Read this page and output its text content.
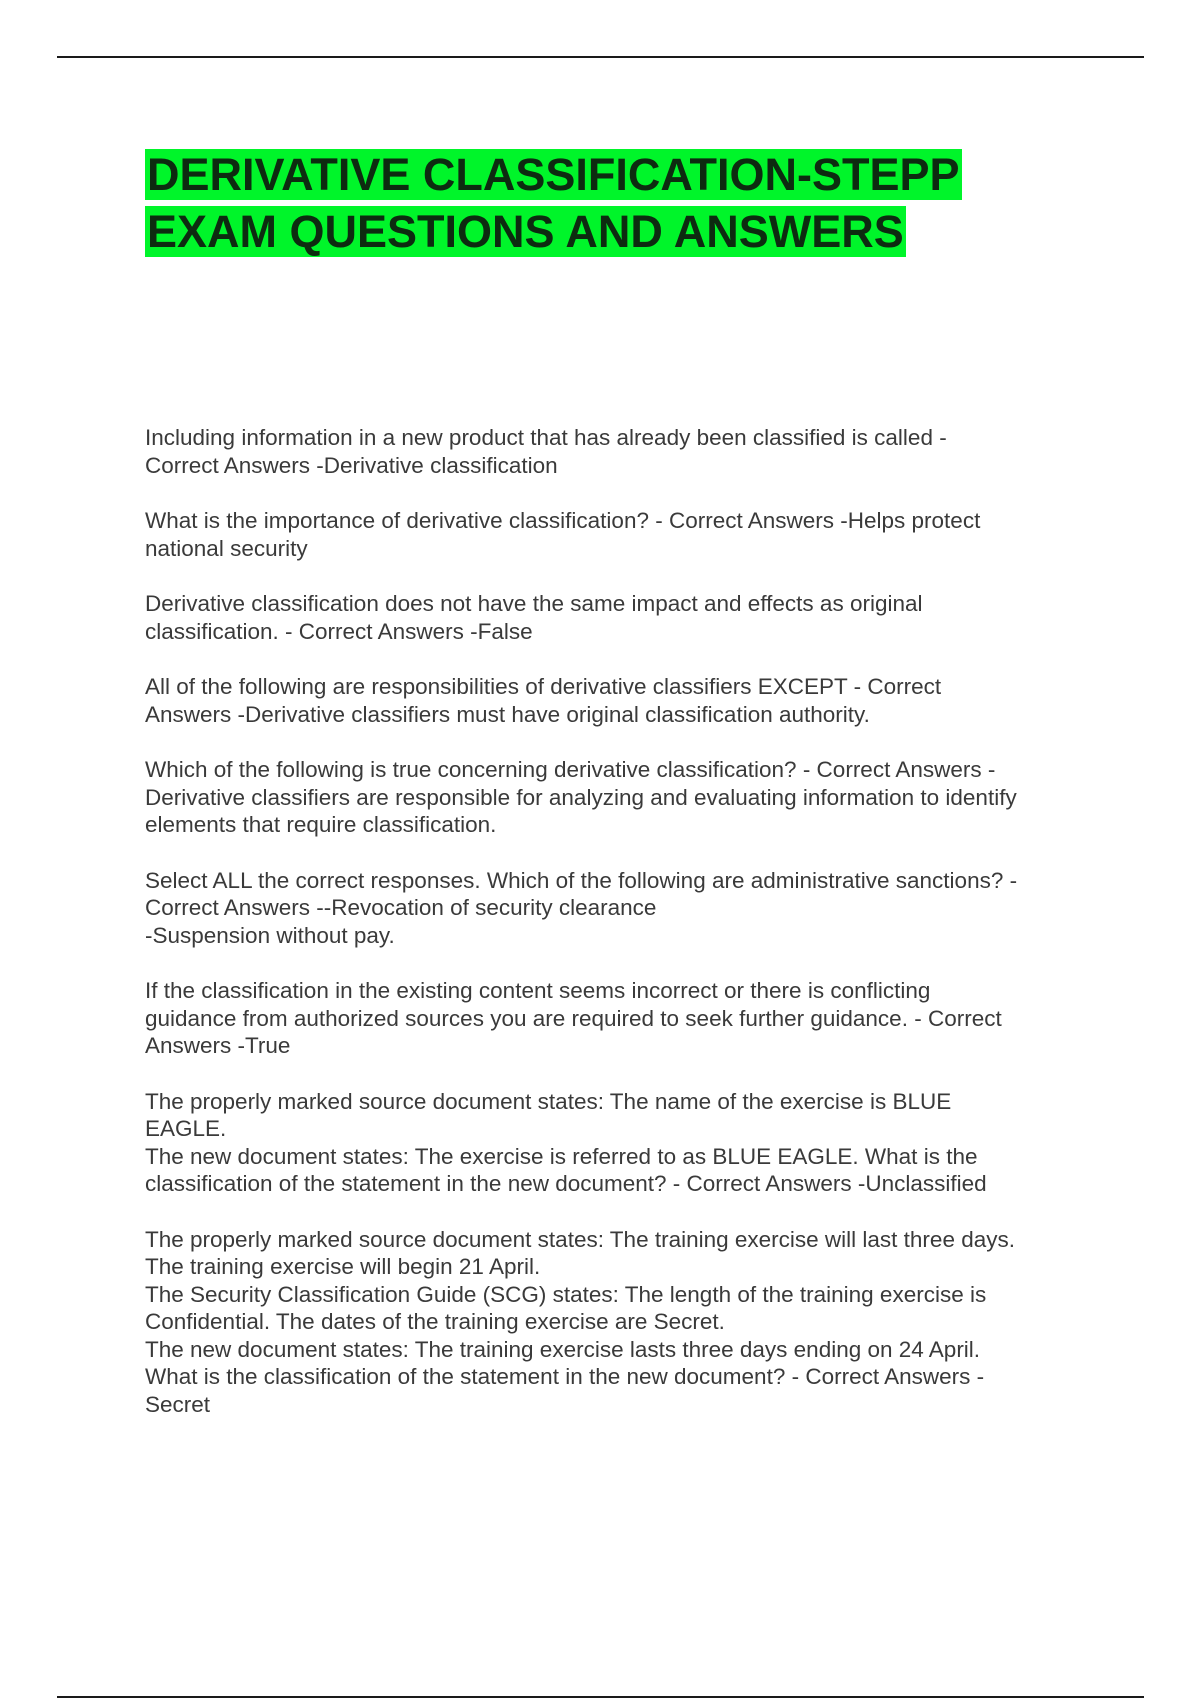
DERIVATIVE CLASSIFICATION-STEPP
EXAM QUESTIONS AND ANSWERS

Including information in a new product that has already been classified is called -
Correct Answers -Derivative classification

What is the importance of derivative classification? - Correct Answers -Helps protect
national security

Derivative classification does not have the same impact and effects as original
classification. - Correct Answers -False

All of the following are responsibilities of derivative classifiers EXCEPT - Correct
Answers -Derivative classifiers must have original classification authority.

Which of the following is true concerning derivative classification? - Correct Answers -
Derivative classifiers are responsible for analyzing and evaluating information to identify
elements that require classification.

Select ALL the correct responses. Which of the following are administrative sanctions? -
Correct Answers --Revocation of security clearance
-Suspension without pay.

If the classification in the existing content seems incorrect or there is conflicting
guidance from authorized sources you are required to seek further guidance. - Correct
Answers -True

The properly marked source document states: The name of the exercise is BLUE
EAGLE.
The new document states: The exercise is referred to as BLUE EAGLE. What is the
classification of the statement in the new document? - Correct Answers -Unclassified

The properly marked source document states: The training exercise will last three days.
The training exercise will begin 21 April.
The Security Classification Guide (SCG) states: The length of the training exercise is
Confidential. The dates of the training exercise are Secret.
The new document states: The training exercise lasts three days ending on 24 April.
What is the classification of the statement in the new document? - Correct Answers -
Secret
